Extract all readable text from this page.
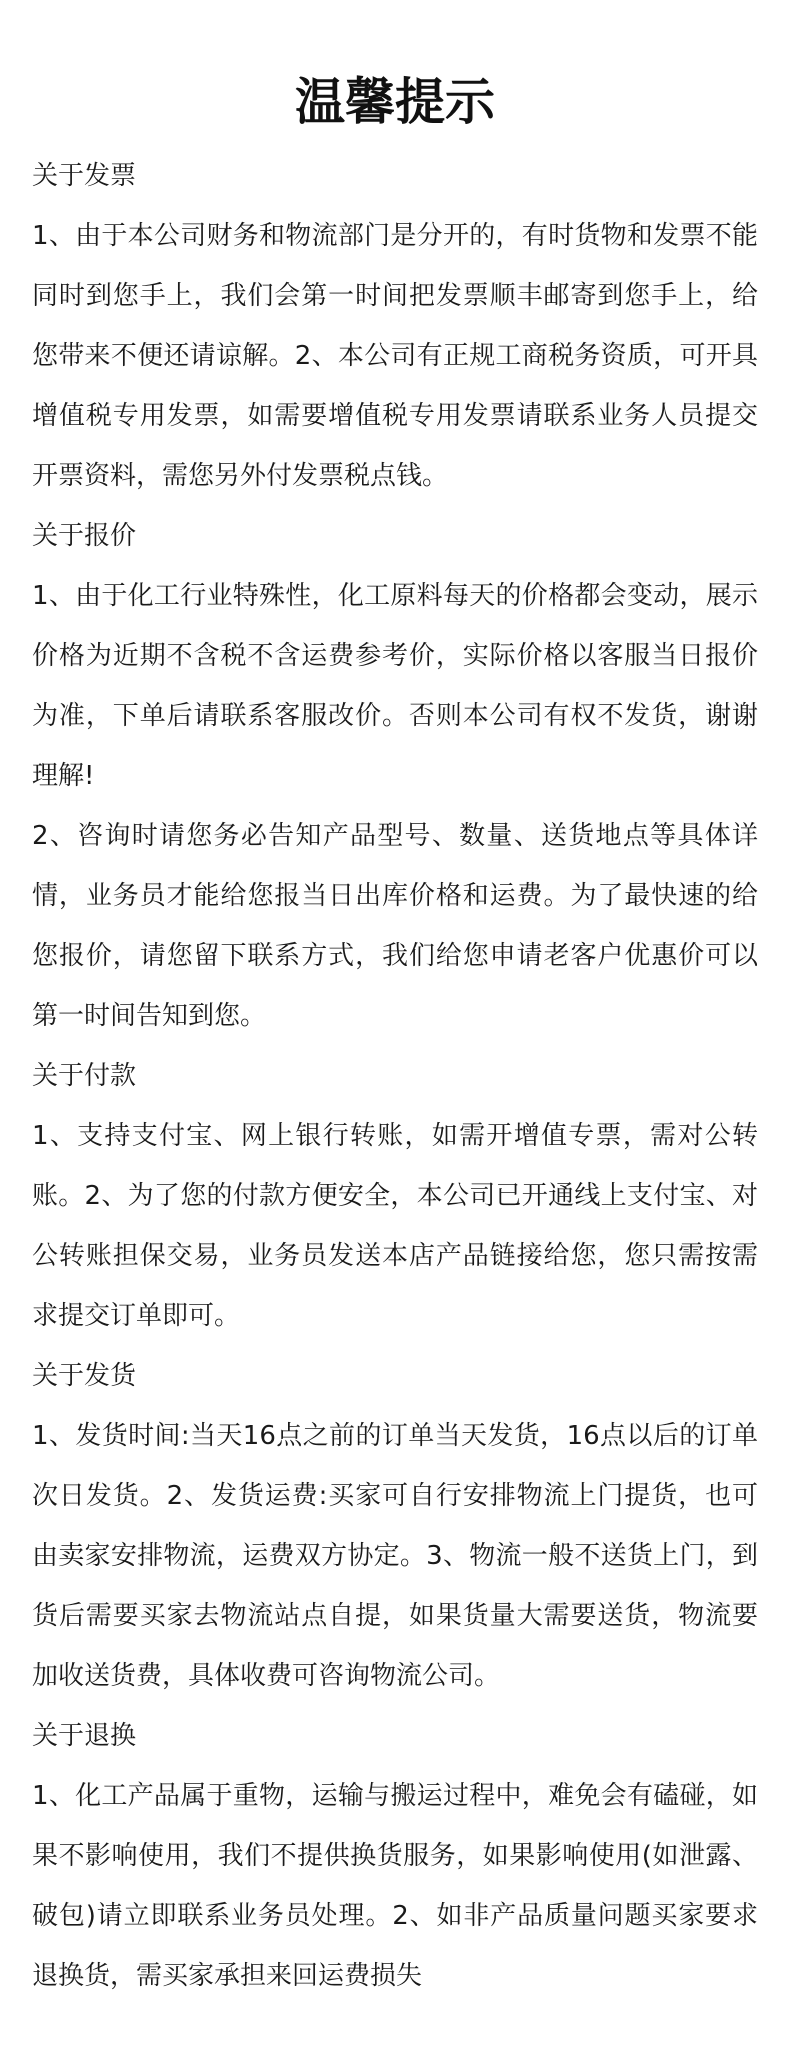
温馨提示
关于发票

1、由于本公司财务和物流部门是分开的，有时货物和发票不能同时到您手上，我们会第一时间把发票顺丰邮寄到您手上，给您带来不便还请谅解。2、本公司有正规工商税务资质，可开具增值税专用发票，如需要增值税专用发票请联系业务人员提交开票资料，需您另外付发票税点钱。

关于报价

1、由于化工行业特殊性，化工原料每天的价格都会变动，展示价格为近期不含税不含运费参考价，实际价格以客服当日报价为准，下单后请联系客服改价。否则本公司有权不发货，谢谢理解!

2、咨询时请您务必告知产品型号、数量、送货地点等具体详情，业务员才能给您报当日出库价格和运费。为了最快速的给您报价，请您留下联系方式，我们给您申请老客户优惠价可以第一时间告知到您。

关于付款

1、支持支付宝、网上银行转账，如需开增值专票，需对公转账。2、为了您的付款方便安全，本公司已开通线上支付宝、对公转账担保交易，业务员发送本店产品链接给您，您只需按需求提交订单即可。

关于发货

1、发货时间:当天16点之前的订单当天发货，16点以后的订单次日发货。2、发货运费:买家可自行安排物流上门提货，也可由卖家安排物流，运费双方协定。3、物流一般不送货上门，到货后需要买家去物流站点自提，如果货量大需要送货，物流要加收送货费，具体收费可咨询物流公司。

关于退换

1、化工产品属于重物，运输与搬运过程中，难免会有磕碰，如果不影响使用，我们不提供换货服务，如果影响使用(如泄露、破包)请立即联系业务员处理。2、如非产品质量问题买家要求退换货，需买家承担来回运费损失
